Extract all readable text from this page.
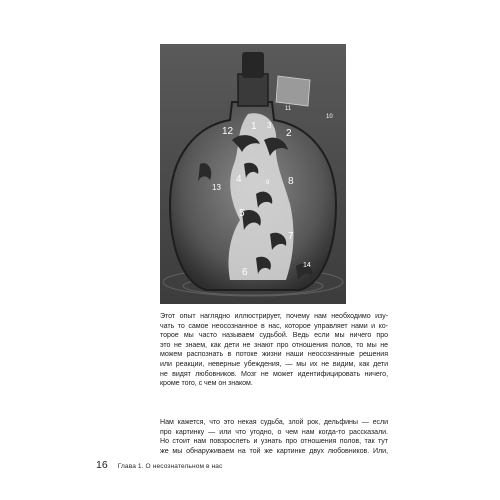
1
2
3
4
5
6
7
8
9
10
11
12
13
14
Этот опыт наглядно иллюстрирует, почему нам необходимо изу-
чать то самое неосознанное в нас, которое управляет нами и ко-
торое мы часто называем судьбой. Ведь если мы ничего про
это не знаем, как дети не знают про отношения полов, то мы не
можем распознать в потоке жизни наши неосознанные решения
или реакции, неверные убеждения, — мы их не видим, как дети
не видят любовников. Мозг не может идентифицировать ничего,
кроме того, с чем он знаком.
Нам кажется, что это некая судьба, злой рок, дельфины — если
про картинку — или что угодно, о чем нам когда-то рассказали.
Но стоит нам повзрослеть и узнать про отношения полов, так тут
же мы обнаруживаем на той же картинке двух любовников. Или,
16 Глава 1. О несознательном в нас
